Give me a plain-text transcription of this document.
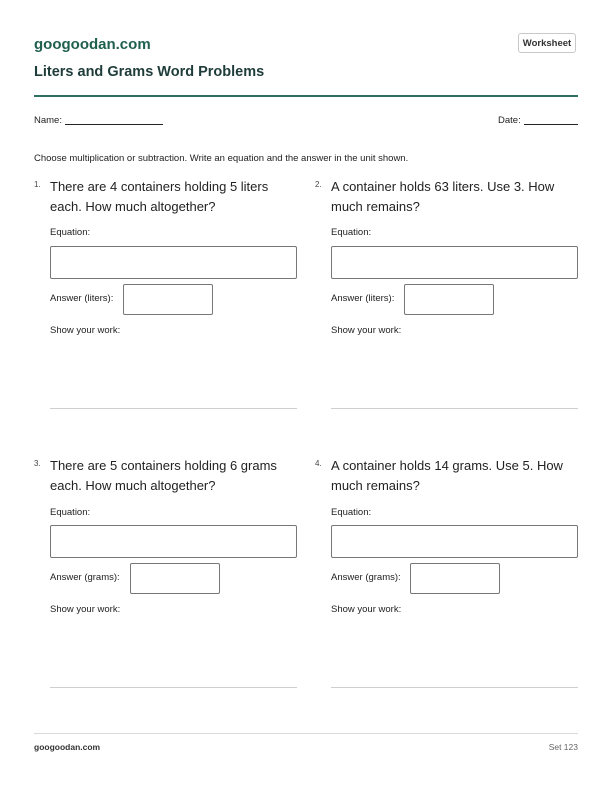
googoodan.com	Worksheet
Liters and Grams Word Problems
Name:	Date:
Choose multiplication or subtraction. Write an equation and the answer in the unit shown.
1. There are 4 containers holding 5 liters each. How much altogether?

Equation:
Answer (liters):
Show your work:
2. A container holds 63 liters. Use 3. How much remains?

Equation:
Answer (liters):
Show your work:
3. There are 5 containers holding 6 grams each. How much altogether?

Equation:
Answer (grams):
Show your work:
4. A container holds 14 grams. Use 5. How much remains?

Equation:
Answer (grams):
Show your work:
googoodan.com	Set 123
